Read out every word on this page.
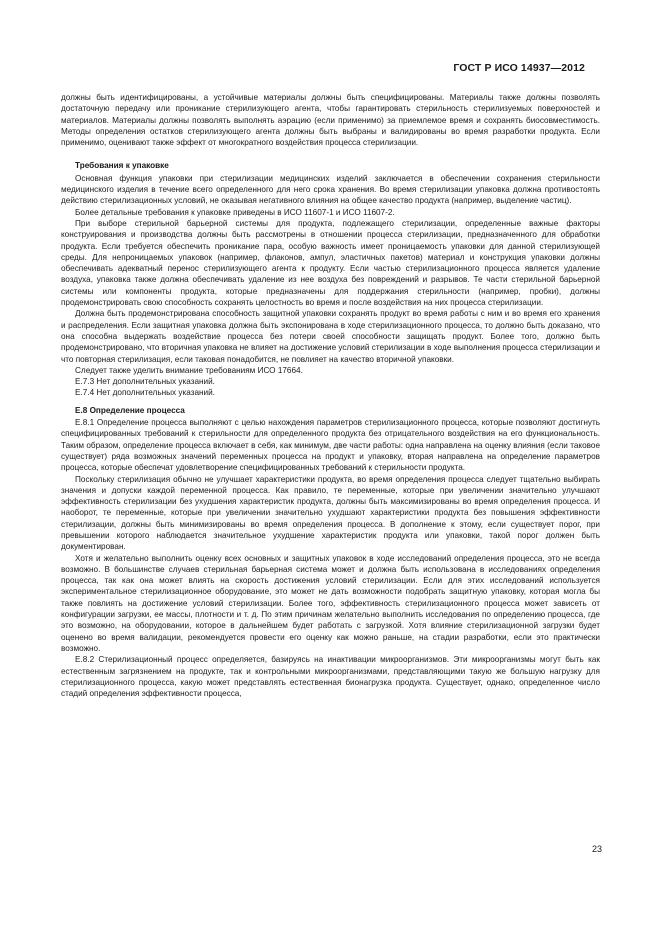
ГОСТ Р ИСО 14937—2012

должны быть идентифицированы, а устойчивые материалы должны быть специфицированы. Материалы также должны позволять достаточную передачу или проникание стерилизующего агента, чтобы гарантировать стерильность стерилизуемых поверхностей и материалов. Материалы должны позволять выполнять аэрацию (если применимо) за приемлемое время и сохранять биосовместимость. Методы определения остатков стерилизующего агента должны быть выбраны и валидированы во время разработки продукта. Если применимо, оценивают также эффект от многократного воздействия процесса стерилизации.

Требования к упаковке

Основная функция упаковки при стерилизации медицинских изделий заключается в обеспечении сохранения стерильности медицинского изделия в течение всего определенного для него срока хранения. Во время стерилизации упаковка должна противостоять действию стерилизационных условий, не оказывая негативного влияния на общее качество продукта (например, выделение частиц).

Более детальные требования к упаковке приведены в ИСО 11607-1 и ИСО 11607-2.

При выборе стерильной барьерной системы для продукта, подлежащего стерилизации, определенные важные факторы конструирования и производства должны быть рассмотрены в отношении процесса стерилизации, предназначенного для обработки продукта. Если требуется обеспечить проникание пара, особую важность имеет проницаемость упаковки для данной стерилизующей среды. Для непроницаемых упаковок (например, флаконов, ампул, эластичных пакетов) материал и конструкция упаковки должны обеспечивать адекватный перенос стерилизующего агента к продукту. Если частью стерилизационного процесса является удаление воздуха, упаковка также должна обеспечивать удаление из нее воздуха без повреждений и разрывов. Те части стерильной барьерной системы или компоненты продукта, которые предназначены для поддержания стерильности (например, пробки), должны продемонстрировать свою способность сохранять целостность во время и после воздействия на них процесса стерилизации.

Должна быть продемонстрирована способность защитной упаковки сохранять продукт во время работы с ним и во время его хранения и распределения. Если защитная упаковка должна быть экспонирована в ходе стерилизационного процесса, то должно быть доказано, что она способна выдержать воздействие процесса без потери своей способности защищать продукт. Более того, должно быть продемонстрировано, что вторичная упаковка не влияет на достижение условий стерилизации в ходе выполнения процесса стерилизации и что повторная стерилизация, если таковая понадобится, не повлияет на качество вторичной упаковки.

Следует также уделить внимание требованиям ИСО 17664.

Е.7.3 Нет дополнительных указаний.

Е.7.4 Нет дополнительных указаний.

Е.8 Определение процесса

Е.8.1 Определение процесса выполняют с целью нахождения параметров стерилизационного процесса, которые позволяют достигнуть специфицированных требований к стерильности для определенного продукта без отрицательного воздействия на его функциональность. Таким образом, определение процесса включает в себя, как минимум, две части работы: одна направлена на оценку влияния (если таковое существует) ряда возможных значений переменных процесса на продукт и упаковку, вторая направлена на определение параметров процесса, которые обеспечат удовлетворение специфицированных требований к стерильности продукта.

Поскольку стерилизация обычно не улучшает характеристики продукта, во время определения процесса следует тщательно выбирать значения и допуски каждой переменной процесса. Как правило, те переменные, которые при увеличении значительно улучшают эффективность стерилизации без ухудшения характеристик продукта, должны быть максимизированы во время определения процесса. И наоборот, те переменные, которые при увеличении значительно ухудшают характеристики продукта без повышения эффективности стерилизации, должны быть минимизированы во время определения процесса. В дополнение к этому, если существует порог, при превышении которого наблюдается значительное ухудшение характеристик продукта или упаковки, такой порог должен быть документирован.

Хотя и желательно выполнить оценку всех основных и защитных упаковок в ходе исследований определения процесса, это не всегда возможно. В большинстве случаев стерильная барьерная система может и должна быть использована в исследованиях определения процесса, так как она может влиять на скорость достижения условий стерилизации. Если для этих исследований используется экспериментальное стерилизационное оборудование, это может не дать возможности подобрать защитную упаковку, которая могла бы также повлиять на достижение условий стерилизации. Более того, эффективность стерилизационного процесса может зависеть от конфигурации загрузки, ее массы, плотности и т. д. По этим причинам желательно выполнить исследования по определению процесса, где это возможно, на оборудовании, которое в дальнейшем будет работать с загрузкой. Хотя влияние стерилизационной загрузки будет оценено во время валидации, рекомендуется провести его оценку как можно раньше, на стадии разработки, если это практически возможно.

Е.8.2 Стерилизационный процесс определяется, базируясь на инактивации микроорганизмов. Эти микроорганизмы могут быть как естественным загрязнением на продукте, так и контрольными микроорганизмами, представляющими такую же большую нагрузку для стерилизационного процесса, какую может представлять естественная бионагрузка продукта. Существует, однако, определенное число стадий определения эффективности процесса,

23
